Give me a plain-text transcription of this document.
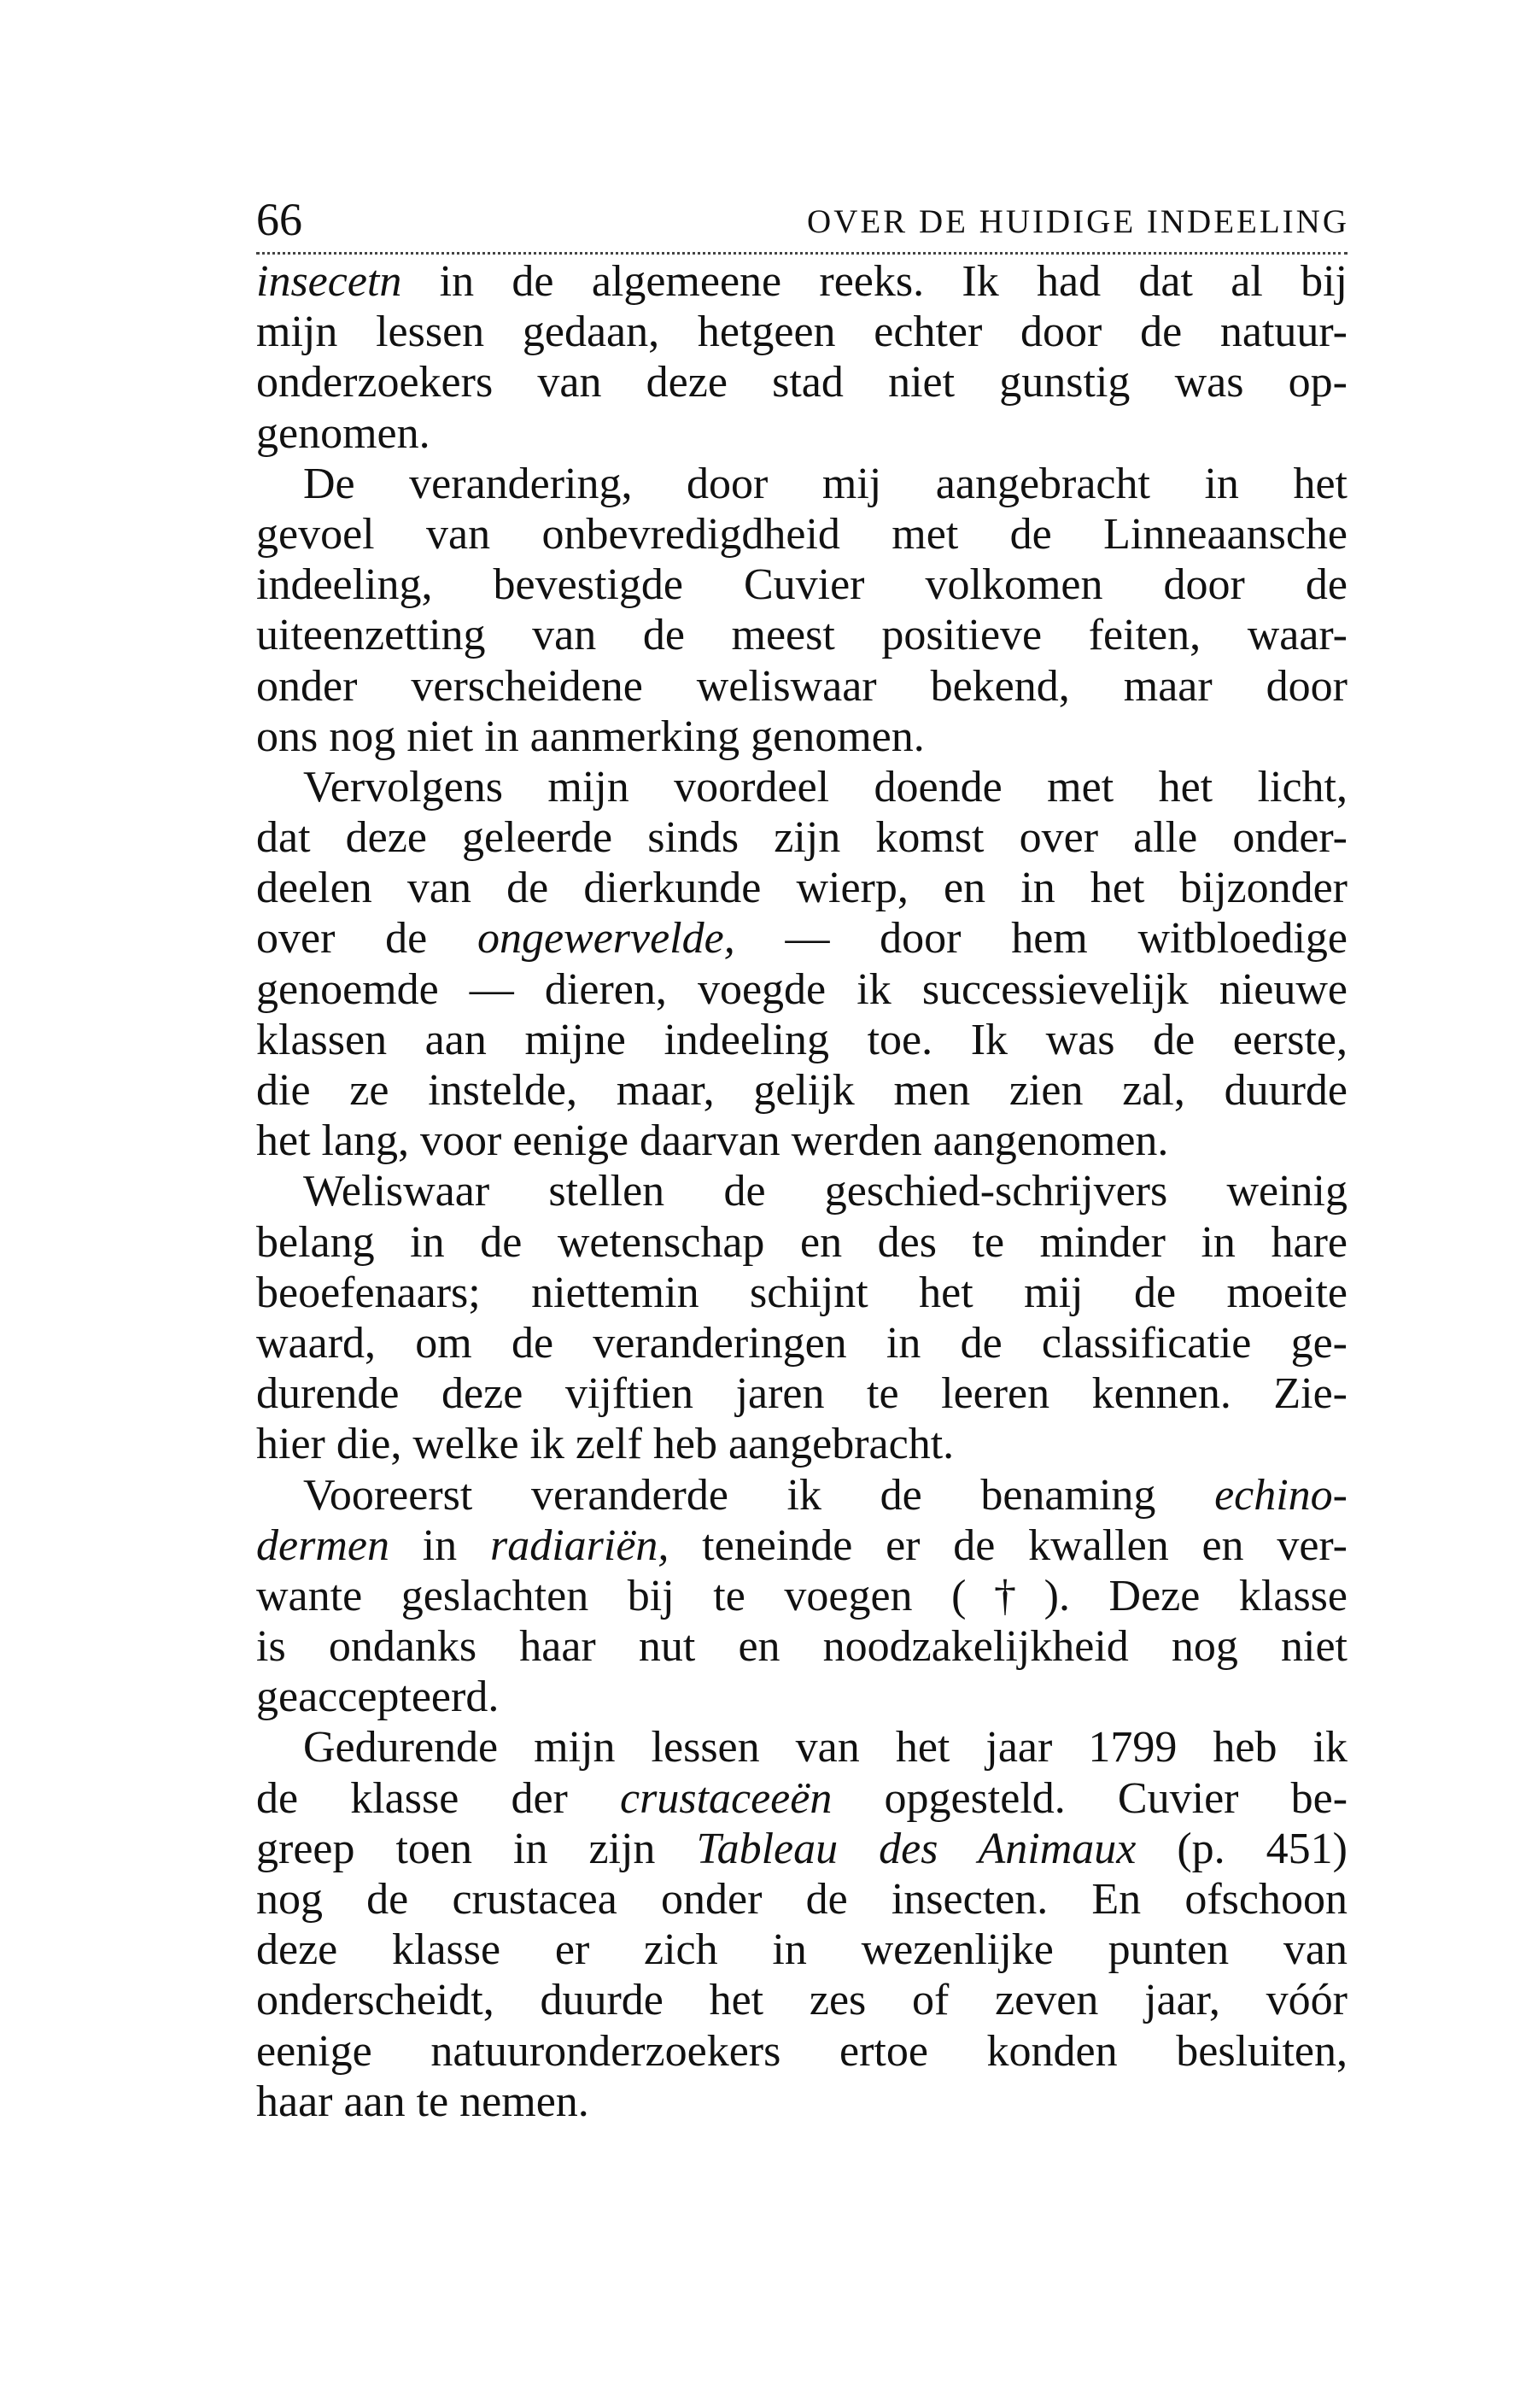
66	OVER DE HUIDIGE INDEELING
insecetn in de algemeene reeks. Ik had dat al bij
mijn lessen gedaan, hetgeen echter door de natuur-
onderzoekers van deze stad niet gunstig was op-
genomen.
De verandering, door mij aangebracht in het
gevoel van onbevredigdheid met de Linneaansche
indeeling, bevestigde Cuvier volkomen door de
uiteenzetting van de meest positieve feiten, waar-
onder verscheidene weliswaar bekend, maar door
ons nog niet in aanmerking genomen.
Vervolgens mijn voordeel doende met het licht,
dat deze geleerde sinds zijn komst over alle onder-
deelen van de dierkunde wierp, en in het bijzonder
over de ongewervelde, — door hem witbloedige
genoemde — dieren, voegde ik successievelijk nieuwe
klassen aan mijne indeeling toe. Ik was de eerste,
die ze instelde, maar, gelijk men zien zal, duurde
het lang, voor eenige daarvan werden aangenomen.
Weliswaar stellen de geschied-schrijvers weinig
belang in de wetenschap en des te minder in hare
beoefenaars; niettemin schijnt het mij de moeite
waard, om de veranderingen in de classificatie ge-
durende deze vijftien jaren te leeren kennen. Zie-
hier die, welke ik zelf heb aangebracht.
Vooreerst veranderde ik de benaming echino-
dermen in radiariën, teneinde er de kwallen en ver-
wante geslachten bij te voegen (†). Deze klasse
is ondanks haar nut en noodzakelijkheid nog niet
geaccepteerd.
Gedurende mijn lessen van het jaar 1799 heb ik
de klasse der crustaceeën opgesteld. Cuvier be-
greep toen in zijn Tableau des Animaux (p. 451)
nog de crustacea onder de insecten. En ofschoon
deze klasse er zich in wezenlijke punten van
onderscheidt, duurde het zes of zeven jaar, vóór
eenige natuuronderzoekers ertoe konden besluiten,
haar aan te nemen.
